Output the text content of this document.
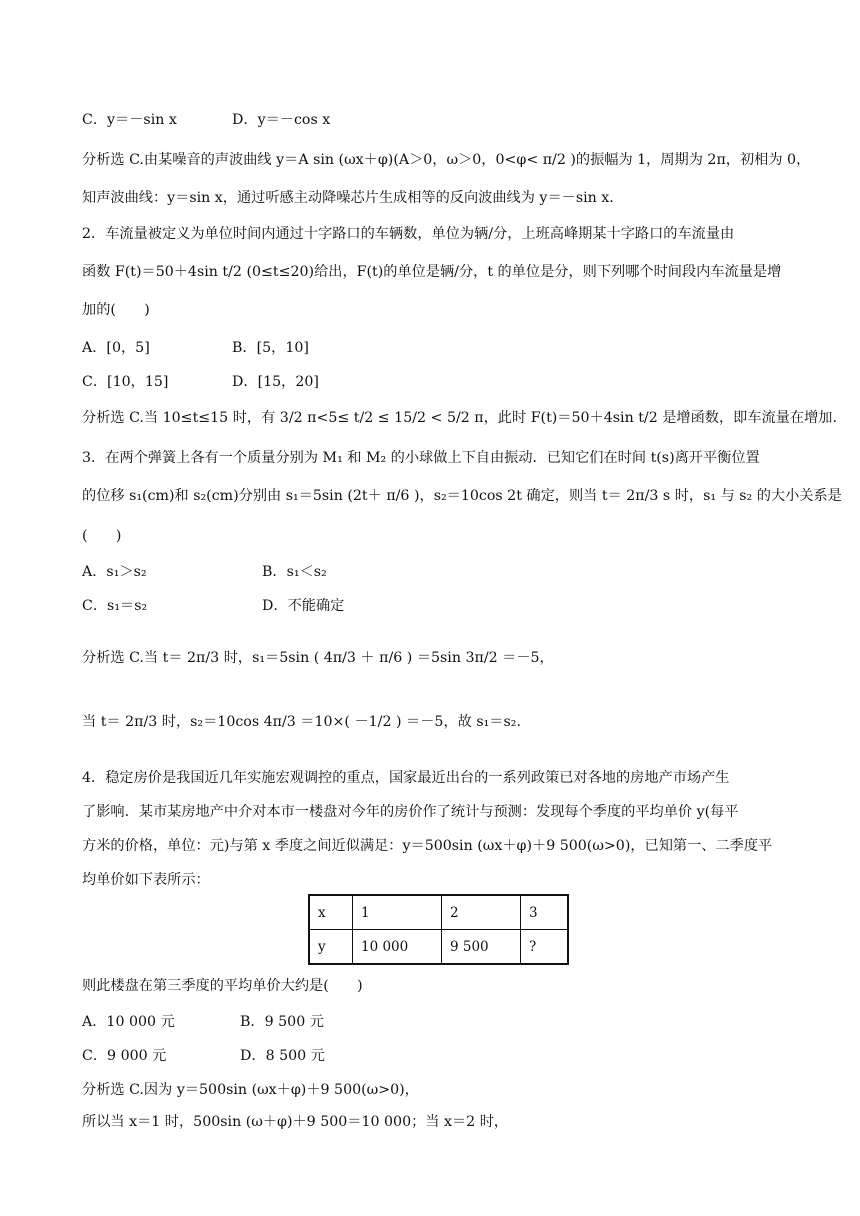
C．y＝－sin x
分析选 C.由某噪音的声波曲线 y＝A sin (ωx＋φ)(A＞0，ω＞0，0<φ< π/2 )的振幅为 1，周期为 2π，初相为 0，
知声波曲线：y＝sin x，通过听感主动降噪芯片生成相等的反向波曲线为 y＝－sin x.
2．车流量被定义为单位时间内通过十字路口的车辆数，单位为辆/分，上班高峰期某十字路口的车流量由
函数 F(t)＝50＋4sin t/2 (0≤t≤20)给出，F(t)的单位是辆/分，t 的单位是分，则下列哪个时间段内车流量是增
加的(　　)
A．[0，5]
C．[10，15]
分析选 C.当 10≤t≤15 时，有 3/2 π<5≤ t/2 ≤ 15/2 < 5/2 π，此时 F(t)＝50＋4sin t/2 是增函数，即车流量在增加.
3．在两个弹簧上各有一个质量分别为 M₁ 和 M₂ 的小球做上下自由振动．已知它们在时间 t(s)离开平衡位置
的位移 s₁(cm)和 s₂(cm)分别由 s₁＝5sin (2t＋ π/6 )，s₂＝10cos 2t 确定，则当 t＝ 2π/3 s 时，s₁ 与 s₂ 的大小关系是
(　　)
A．s₁＞s₂
C．s₁＝s₂
分析选 C.当 t＝ 2π/3 时，s₁＝5sin ( 4π/3 ＋ π/6 ) ＝5sin 3π/2 ＝－5，
当 t＝ 2π/3 时，s₂＝10cos 4π/3 ＝10×( －1/2 ) ＝－5，故 s₁＝s₂.
4．稳定房价是我国近几年实施宏观调控的重点，国家最近出台的一系列政策已对各地的房地产市场产生
了影响．某市某房地产中介对本市一楼盘对今年的房价作了统计与预测：发现每个季度的平均单价 y(每平
方米的价格，单位：元)与第 x 季度之间近似满足：y＝500sin (ωx＋φ)＋9 500(ω>0)，已知第一、二季度平
均单价如下表所示：
则此楼盘在第三季度的平均单价大约是(　　)
A．10 000 元
C．9 000 元
分析选 C.因为 y＝500sin (ωx＋φ)＋9 500(ω>0)，
所以当 x＝1 时，500sin (ω＋φ)＋9 500＝10 000；当 x＝2 时，
D．y＝－cos x
B．[5，10]
D．[15，20]
B．s₁＜s₂
D．不能确定
B．9 500 元
D．8 500 元
x	1	2	3
y	10 000	9 500	?
